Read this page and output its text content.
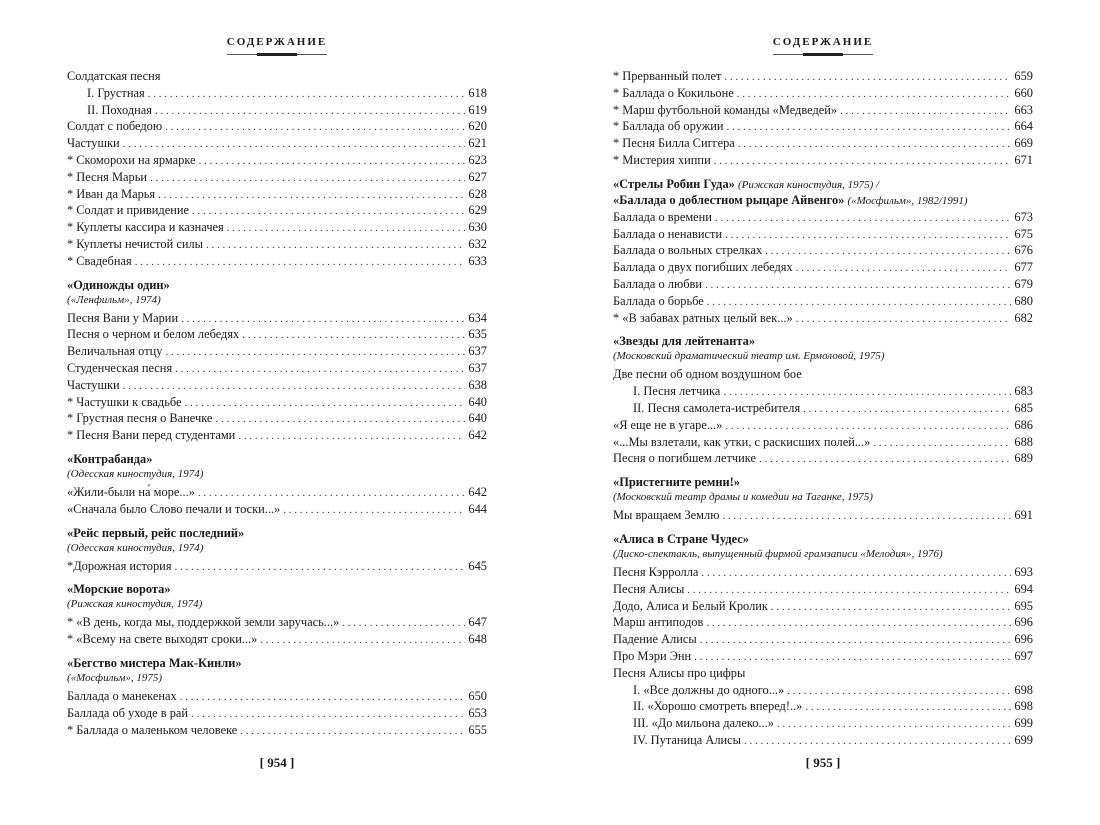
СОДЕРЖАНИЕ
Солдатская песня
I. Грустная . . .	618
II. Походная . . .	619
Солдат с победою . . .	620
Частушки . . .	621
* Скоморохи на ярмарке . . .	623
* Песня Марьи . . .	627
* Иван да Марья . . .	628
* Солдат и привидение . . .	629
* Куплеты кассира и казначея . . .	630
* Куплеты нечистой силы . . .	632
* Свадебная . . .	633
«Одиножды один»
(«Ленфильм», 1974)
Песня Вани у Марии . . .	634
Песня о черном и белом лебедях . . .	635
Величальная отцу . . .	637
Студенческая песня . . .	637
Частушки . . .	638
* Частушки к свадьбе . . .	640
* Грустная песня о Ванечке . . .	640
* Песня Вани перед студентами . . .	642
«Контрабанда»
(Одесская киностудия, 1974)
«Жили-были на́ море...» . . .	642
«Сначала было Слово печали и тоски...» . . .	644
«Рейс первый, рейс последний»
(Одесская киностудия, 1974)
*Дорожная история . . .	645
«Морские ворота»
(Рижская киностудия, 1974)
* «В день, когда мы, поддержкой земли заручась...» . . .	647
* «Всему на свете выходят сроки...» . . .	648
«Бегство мистера Мак-Кинли»
(«Мосфильм», 1975)
Баллада о манекенах . . .	650
Баллада об уходе в рай . . .	653
* Баллада о маленьком человеке . . .	655
[ 954 ]
СОДЕРЖАНИЕ
* Прерванный полет . . .	659
* Баллада о Кокильоне . . .	660
* Марш футбольной команды «Медведей» . . .	663
* Баллада об оружии . . .	664
* Песня Билла Сиггера . . .	669
* Мистерия хиппи . . .	671
«Стрелы Робин Гуда» (Рижская киностудия, 1975) /
«Баллада о доблестном рыцаре Айвенго» («Мосфильм», 1982/1991)
Баллада о времени . . .	673
Баллада о ненависти . . .	675
Баллада о вольных стрелках . . .	676
Баллада о двух погибших лебедях . . .	677
Баллада о любви . . .	679
Баллада о борьбе . . .	680
* «В забавах ратных целый век...» . . .	682
«Звезды для лейтенанта»
(Московский драматический театр им. Ермоловой, 1975)
Две песни об одном воздушном бое
I. Песня летчика . . .	683
II. Песня самолета-истребителя . . .	685
«Я еще не в угаре...» . . .	686
«...Мы взлетали, как утки, с раскисших полей...» . . .	688
Песня о погибшем летчике . . .	689
«Пристегните ремни!»
(Московский театр драмы и комедии на Таганке, 1975)
Мы вращаем Землю . . .	691
«Алиса в Стране Чудес»
(Диско-спектакль, выпущенный фирмой грамзаписи «Мелодия», 1976)
Песня Кэрролла . . .	693
Песня Алисы . . .	694
Додо, Алиса и Белый Кролик . . .	695
Марш антиподов . . .	696
Падение Алисы . . .	696
Про Мэри Энн . . .	697
Песня Алисы про цифры
I. «Все должны до одного...» . . .	698
II. «Хорошо смотреть вперед!..» . . .	698
III. «До мильона далеко...» . . .	699
IV. Путаница Алисы . . .	699
[ 955 ]
